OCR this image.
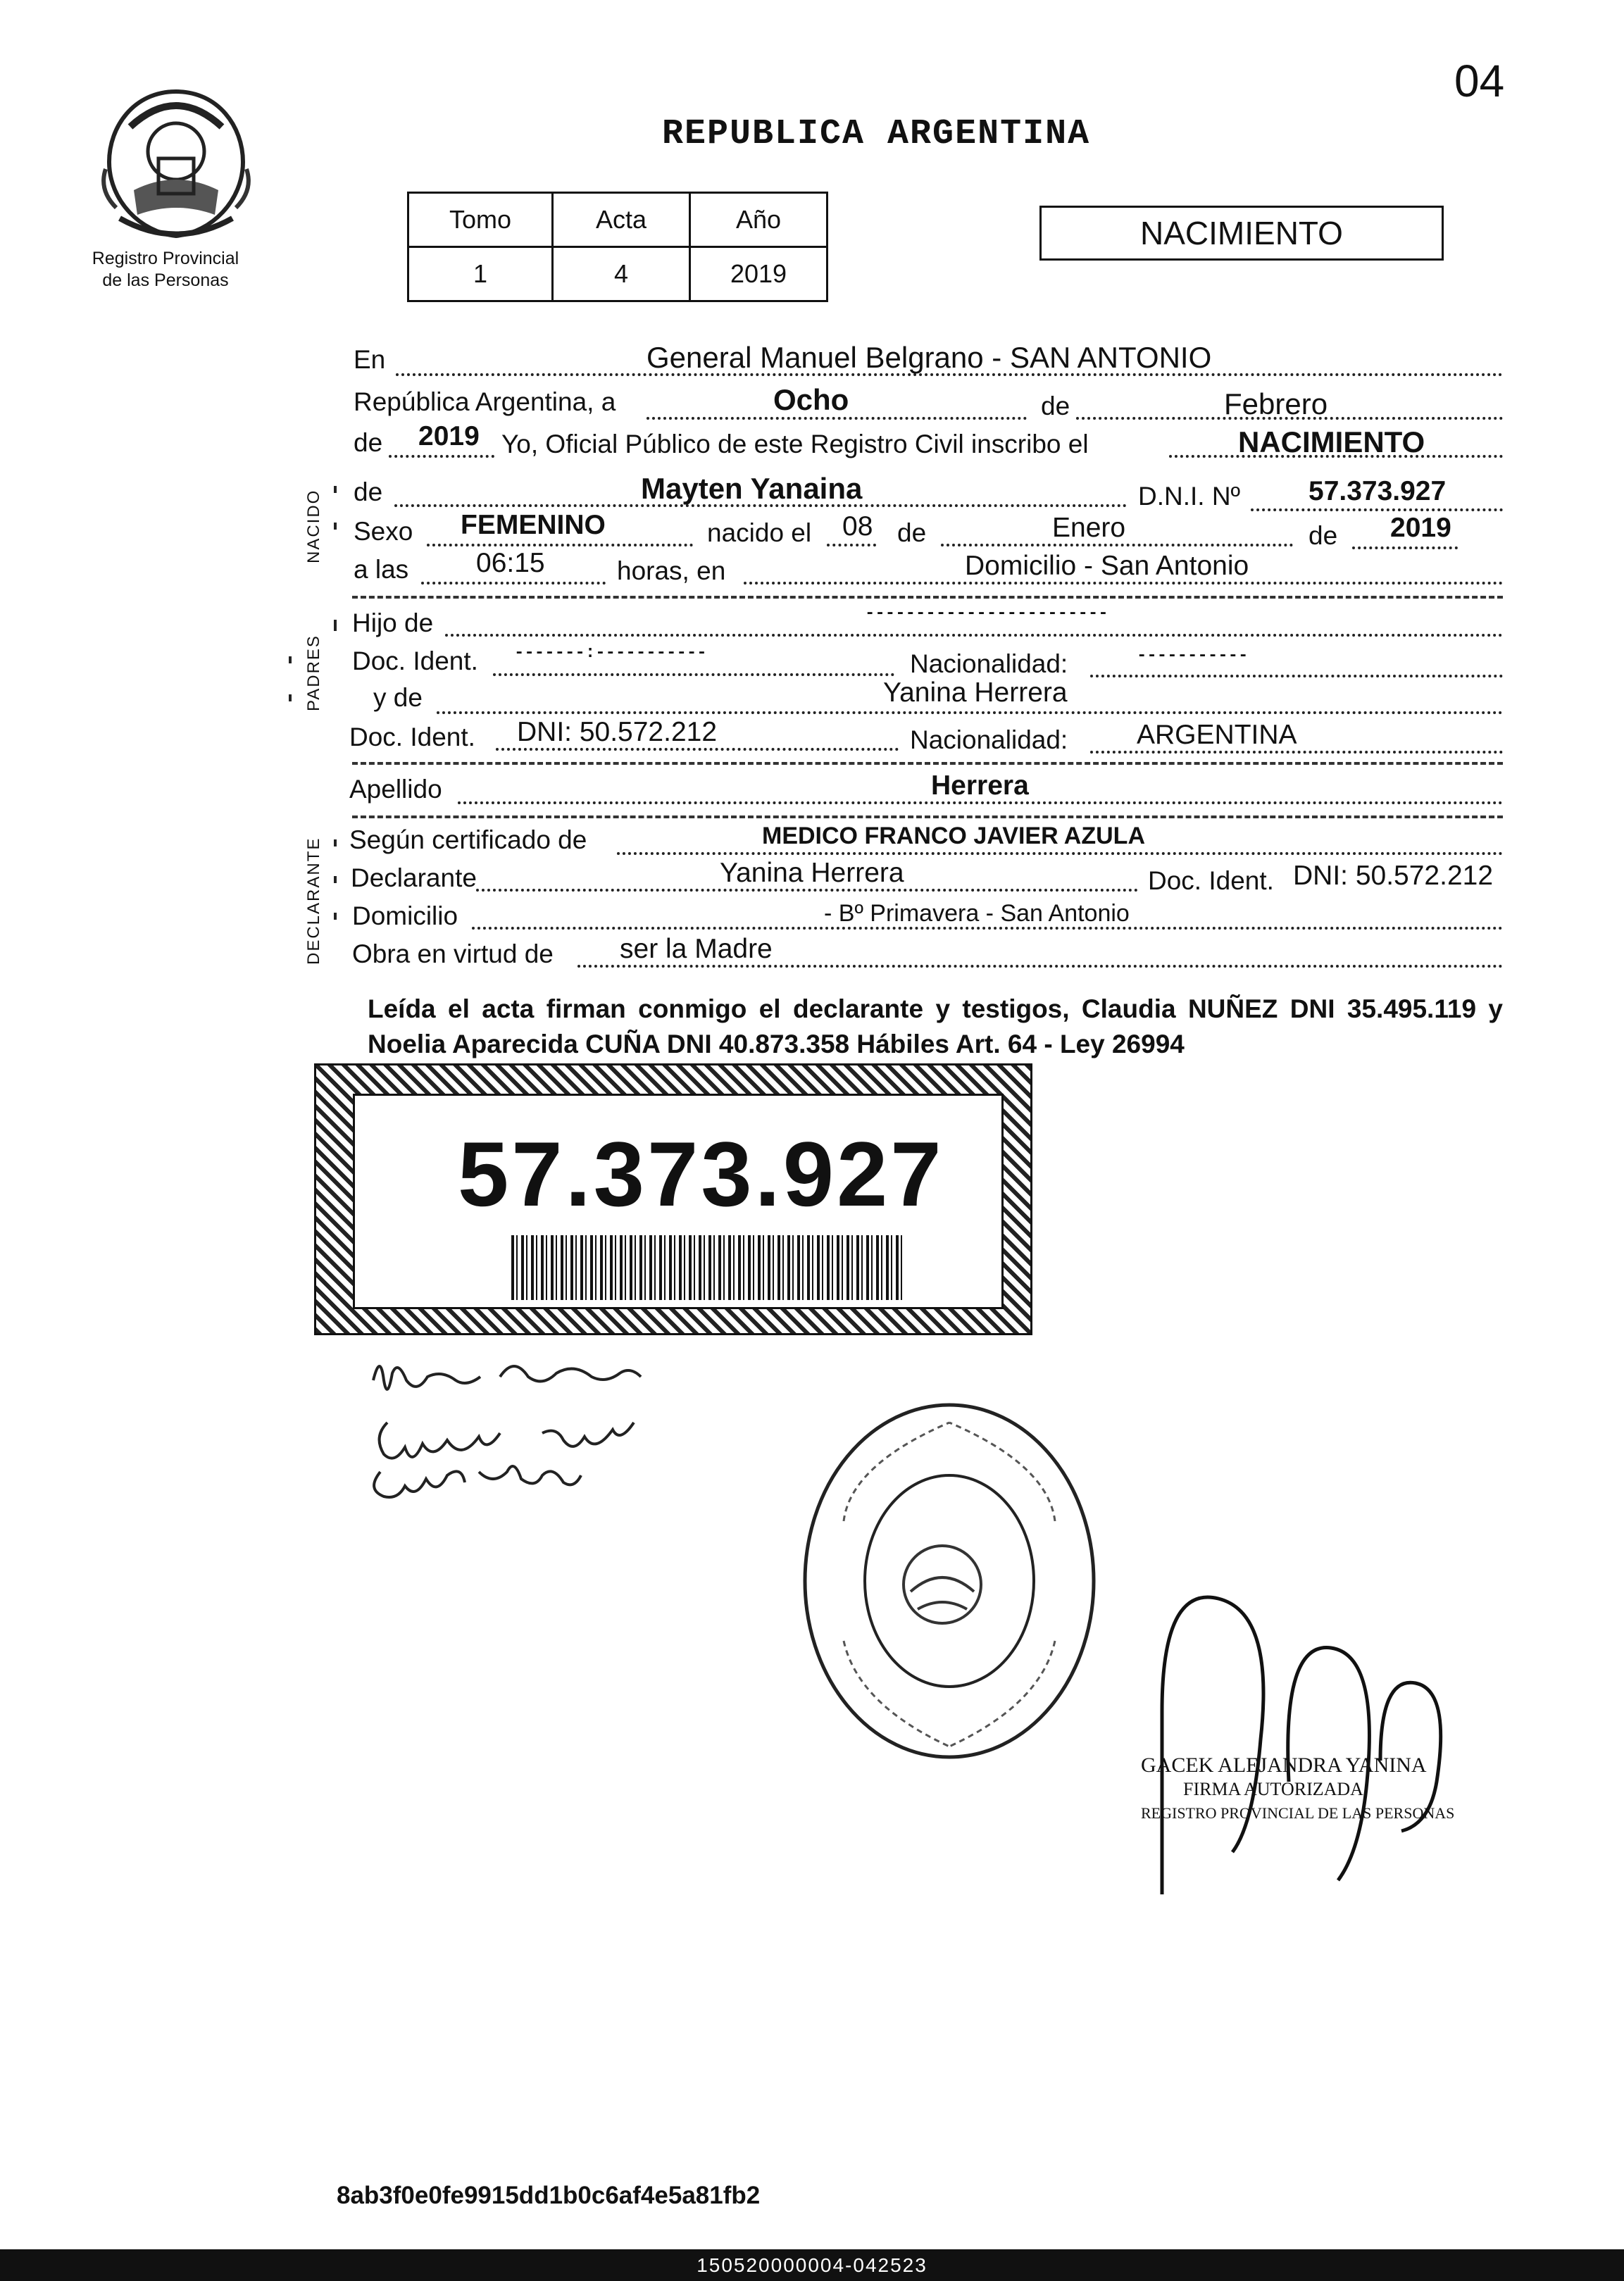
Registro Provincial
de las Personas
REPUBLICA ARGENTINA
04
Tomo	Acta	Año
1	4	2019
NACIMIENTO
En	General Manuel Belgrano - SAN ANTONIO
República Argentina, a	Ocho	de	Febrero
de 2019 Yo, Oficial Público de este Registro Civil inscribo el	NACIMIENTO
NACIDO de	Mayten Yanaina	D.N.I. Nº 57.373.927
Sexo FEMENINO	nacido el 08 de	Enero	de 2019
a las 06:15	horas, en	Domicilio - San Antonio
PADRES
Hijo de	------------------------
Doc. Ident. -------:-----------	Nacionalidad:	-----------
y de	Yanina Herrera
Doc. Ident. DNI: 50.572.212	Nacionalidad:	ARGENTINA
Apellido	Herrera
DECLARANTE Según certificado de	MEDICO FRANCO JAVIER AZULA
Declarante	Yanina Herrera	Doc. Ident. DNI: 50.572.212
Domicilio	- Bº Primavera - San Antonio
Obra en virtud de ser la Madre
Leída el acta firman conmigo el declarante y testigos, Claudia NUÑEZ DNI 35.495.119 y Noelia Aparecida CUÑA DNI 40.873.358 Hábiles Art. 64 - Ley 26994
57.373.927
GACEK ALEJANDRA YANINA
FIRMA AUTORIZADA
REGISTRO PROVINCIAL DE LAS PERSONAS
8ab3f0e0fe9915dd1b0c6af4e5a81fb2
150520000004-042523
